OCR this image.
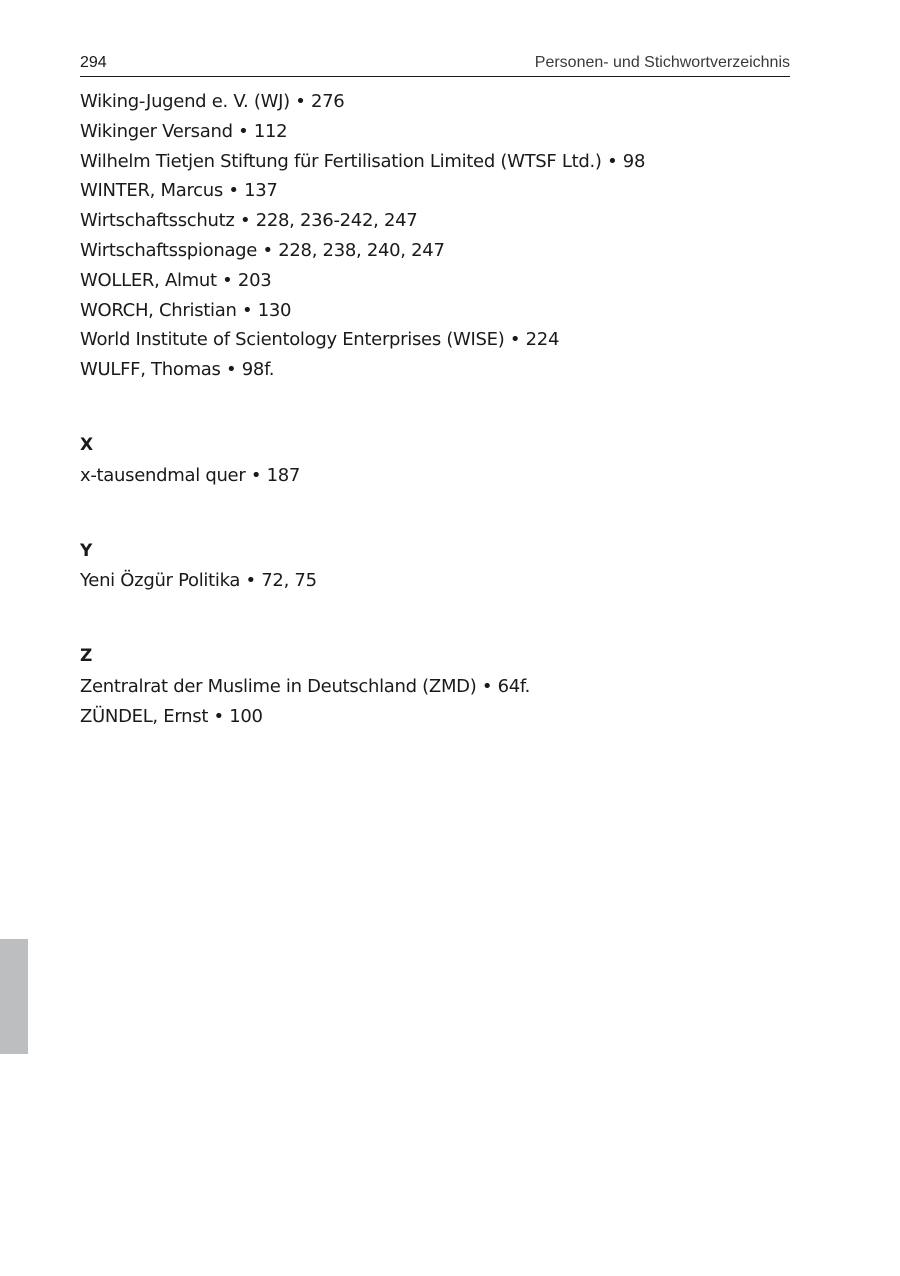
294	Personen- und Stichwortverzeichnis
Wiking-Jugend e. V. (WJ) • 276
Wikinger Versand • 112
Wilhelm Tietjen Stiftung für Fertilisation Limited (WTSF Ltd.) • 98
WINTER, Marcus • 137
Wirtschaftsschutz • 228, 236-242, 247
Wirtschaftsspionage • 228, 238, 240, 247
WOLLER, Almut • 203
WORCH, Christian • 130
World Institute of Scientology Enterprises (WISE) • 224
WULFF, Thomas • 98f.
X
x-tausendmal quer • 187
Y
Yeni Özgür Politika • 72, 75
Z
Zentralrat der Muslime in Deutschland (ZMD) • 64f.
ZÜNDEL, Ernst • 100
